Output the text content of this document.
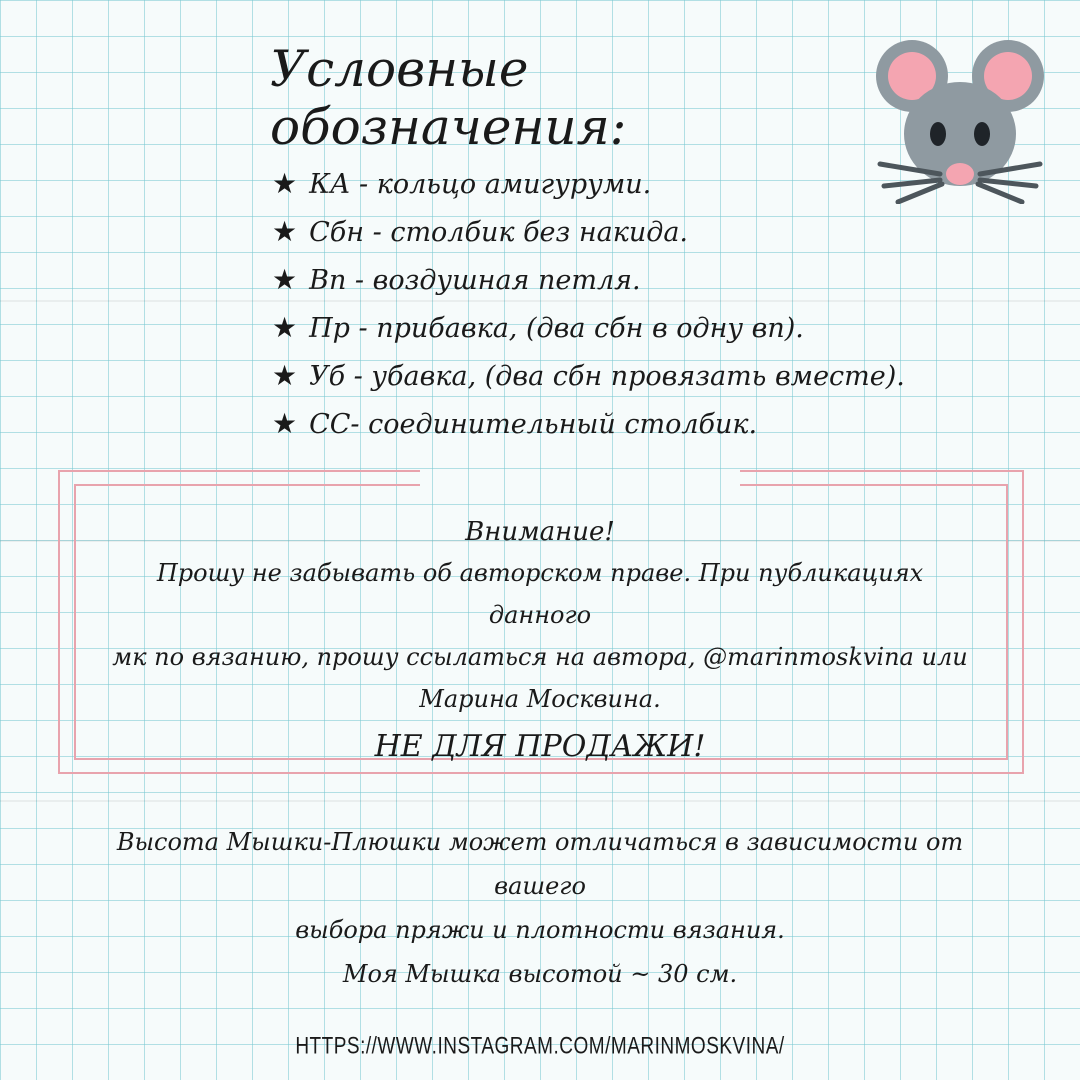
Условные обозначения:
★ КА - кольцо амигуруми.
★ Сбн - столбик без накида.
★ Вп - воздушная петля.
★ Пр - прибавка, (два сбн в одну вп).
★ Уб - убавка, (два сбн провязать вместе).
★ СС- соединительный столбик.
Внимание!
Прошу не забывать об авторском праве. При публикациях данного
мк по вязанию, прошу ссылаться на автора, @marinmoskvina или
Марина Москвина.
НЕ ДЛЯ ПРОДАЖИ!
Высота Мышки-Плюшки может отличаться в зависимости от вашего
выбора пряжи и плотности вязания.
Моя Мышка высотой ~ 30 см.
HTTPS://WWW.INSTAGRAM.COM/MARINMOSKVINA/
